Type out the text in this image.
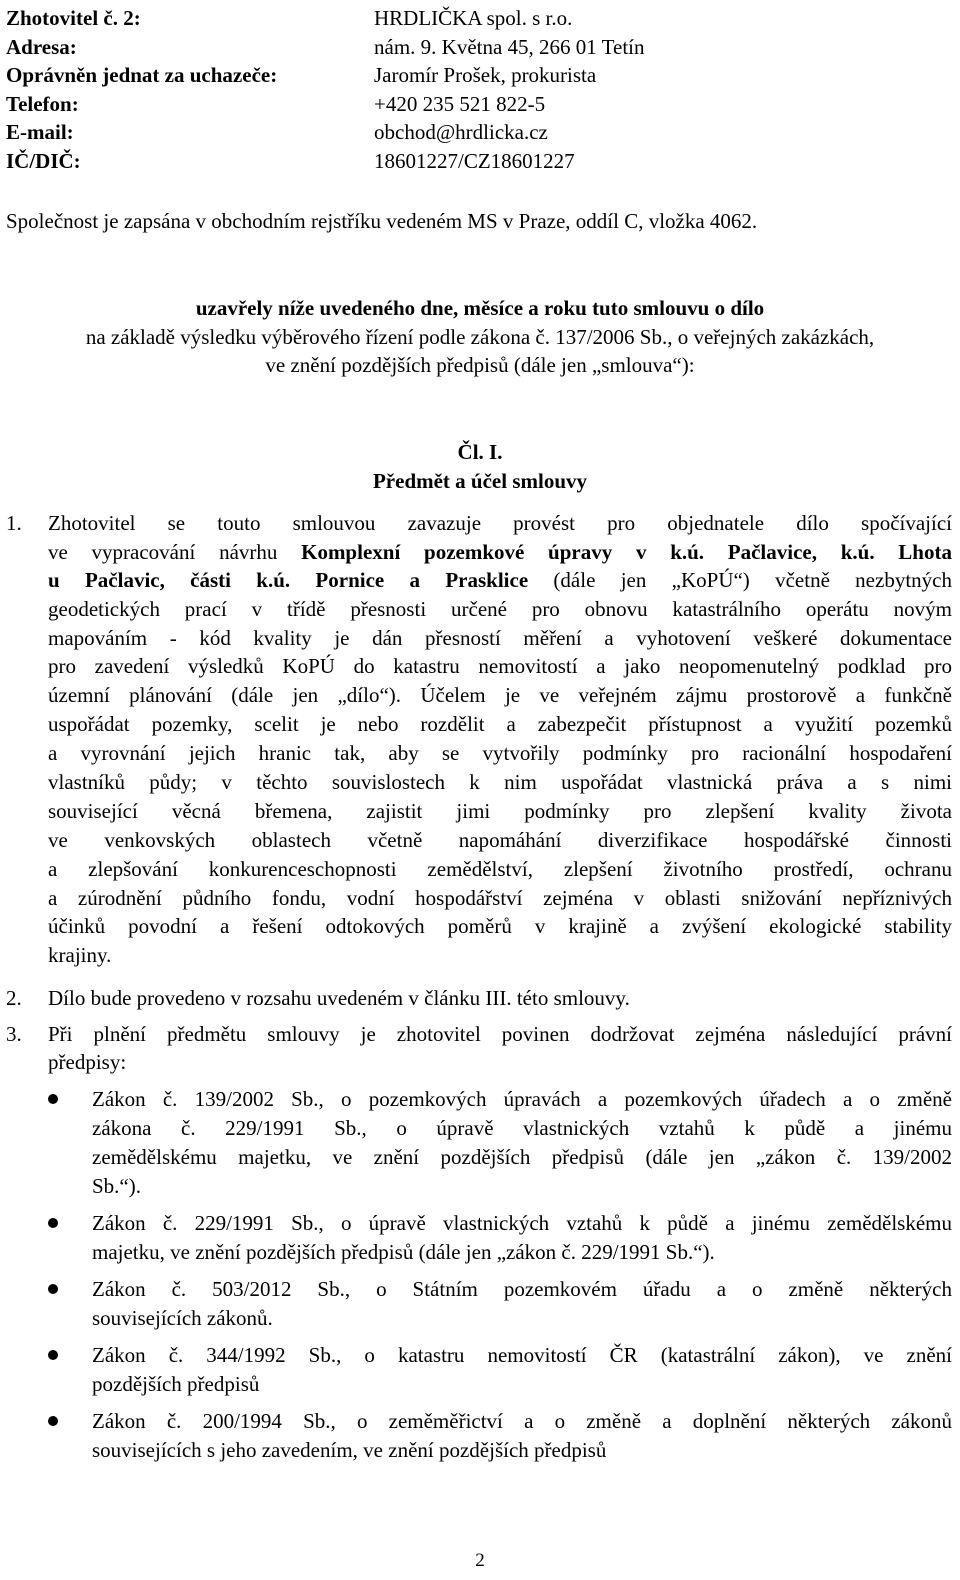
Zhotovitel č. 2:	HRDLIČKA spol. s r.o.
Adresa:	nám. 9. Května 45, 266 01 Tetín
Oprávněn jednat za uchazeče:	Jaromír Prošek, prokurista
Telefon:	+420 235 521 822-5
E-mail:	obchod@hrdlicka.cz
IČ/DIČ:	18601227/CZ18601227
Společnost je zapsána v obchodním rejstříku vedeném MS v Praze, oddíl C, vložka 4062.
uzavřely níže uvedeného dne, měsíce a roku tuto smlouvu o dílo
na základě výsledku výběrového řízení podle zákona č. 137/2006 Sb., o veřejných zakázkách,
ve znění pozdějších předpisů (dále jen „smlouva“):
Čl. I.
Předmět a účel smlouvy
1. Zhotovitel se touto smlouvou zavazuje provést pro objednatele dílo spočívající
ve vypracování návrhu Komplexní pozemkové úpravy v k.ú. Pačlavice, k.ú. Lhota
u Pačlavic, části k.ú. Pornice a Prasklice (dále jen „KoPÚ“) včetně nezbytných
geodetických prací v třídě přesnosti určené pro obnovu katastrálního operátu novým
mapováním - kód kvality je dán přesností měření a vyhotovení veškeré dokumentace
pro zavedení výsledků KoPÚ do katastru nemovitostí a jako neopomenutelný podklad pro
územní plánování (dále jen „dílo“). Účelem je ve veřejném zájmu prostorově a funkčně
uspořádat pozemky, scelit je nebo rozdělit a zabezpečit přístupnost a využití pozemků
a vyrovnání jejich hranic tak, aby se vytvořily podmínky pro racionální hospodaření
vlastníků půdy; v těchto souvislostech k nim uspořádat vlastnická práva a s nimi
související věcná břemena, zajistit jimi podmínky pro zlepšení kvality života
ve venkovských oblastech včetně napomáhání diverzifikace hospodářské činnosti
a zlepšování konkurenceschopnosti zemědělství, zlepšení životního prostředí, ochranu
a zúrodnění půdního fondu, vodní hospodářství zejména v oblasti snižování nepříznivých
účinků povodní a řešení odtokových poměrů v krajině a zvýšení ekologické stability
krajiny.
2. Dílo bude provedeno v rozsahu uvedeném v článku III. této smlouvy.
3. Při plnění předmětu smlouvy je zhotovitel povinen dodržovat zejména následující právní
předpisy:
Zákon č. 139/2002 Sb., o pozemkových úpravách a pozemkových úřadech a o změně
zákona č. 229/1991 Sb., o úpravě vlastnických vztahů k půdě a jinému
zemědělskému majetku, ve znění pozdějších předpisů (dále jen „zákon č. 139/2002
Sb.“).
Zákon č. 229/1991 Sb., o úpravě vlastnických vztahů k půdě a jinému zemědělskému
majetku, ve znění pozdějších předpisů (dále jen „zákon č. 229/1991 Sb.“).
Zákon č. 503/2012 Sb., o Státním pozemkovém úřadu a o změně některých
souvisejících zákonů.
Zákon č. 344/1992 Sb., o katastru nemovitostí ČR (katastrální zákon), ve znění
pozdějších předpisů
Zákon č. 200/1994 Sb., o zeměměřictví a o změně a doplnění některých zákonů
souvisejících s jeho zavedením, ve znění pozdějších předpisů
2
